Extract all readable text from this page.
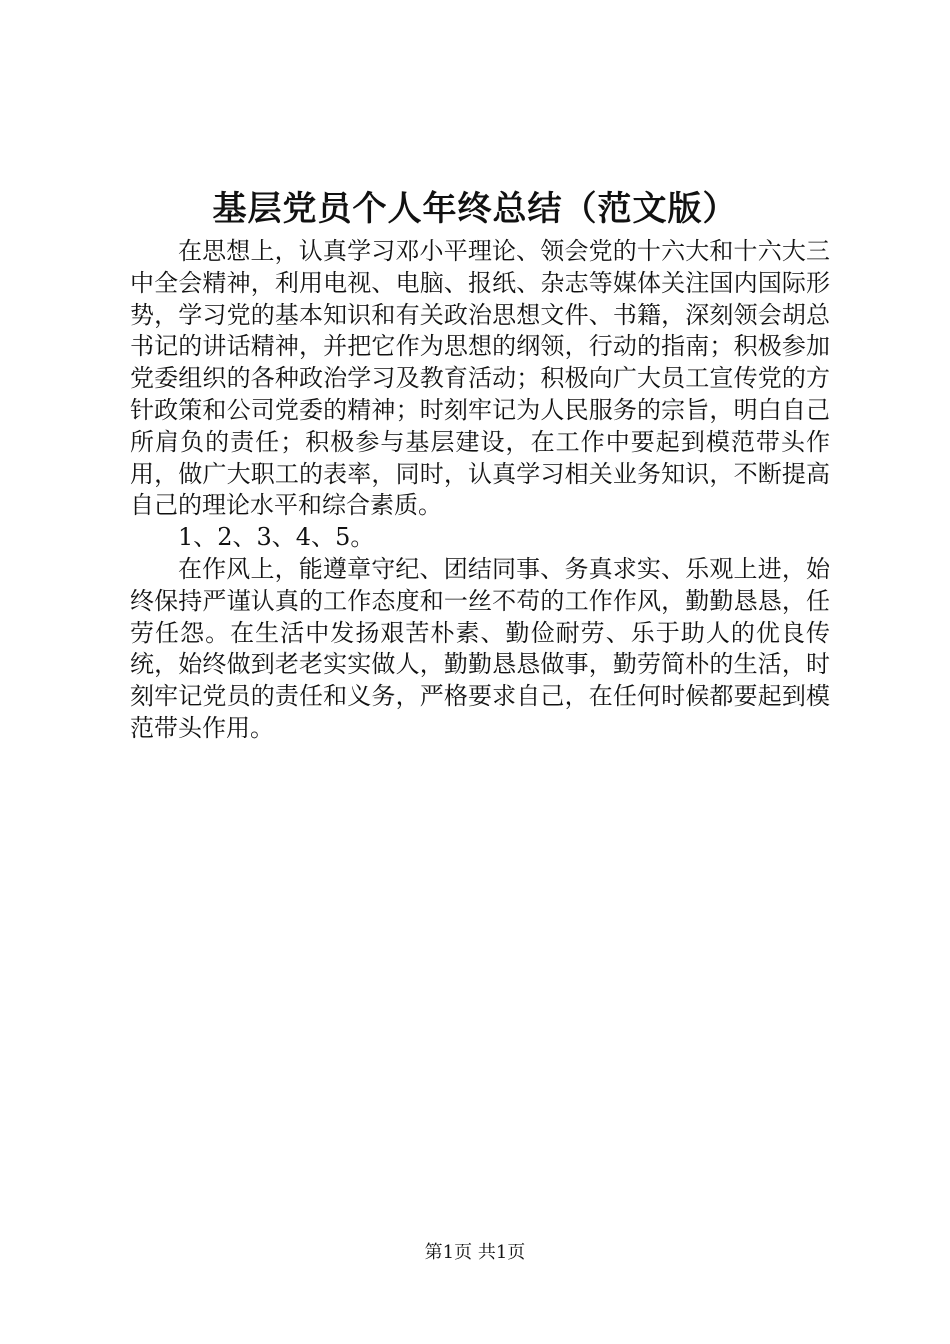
基层党员个人年终总结（范文版）

在思想上，认真学习邓小平理论、领会党的十六大和十六大三中全会精神，利用电视、电脑、报纸、杂志等媒体关注国内国际形势，学习党的基本知识和有关政治思想文件、书籍，深刻领会胡总书记的讲话精神，并把它作为思想的纲领，行动的指南；积极参加党委组织的各种政治学习及教育活动；积极向广大员工宣传党的方针政策和公司党委的精神；时刻牢记为人民服务的宗旨，明白自己所肩负的责任；积极参与基层建设，在工作中要起到模范带头作用，做广大职工的表率，同时，认真学习相关业务知识，不断提高自己的理论水平和综合素质。

1、2、3、4、5。

在作风上，能遵章守纪、团结同事、务真求实、乐观上进，始终保持严谨认真的工作态度和一丝不苟的工作作风，勤勤恳恳，任劳任怨。在生活中发扬艰苦朴素、勤俭耐劳、乐于助人的优良传统，始终做到老老实实做人，勤勤恳恳做事，勤劳简朴的生活，时刻牢记党员的责任和义务，严格要求自己，在任何时候都要起到模范带头作用。

第1页 共1页
